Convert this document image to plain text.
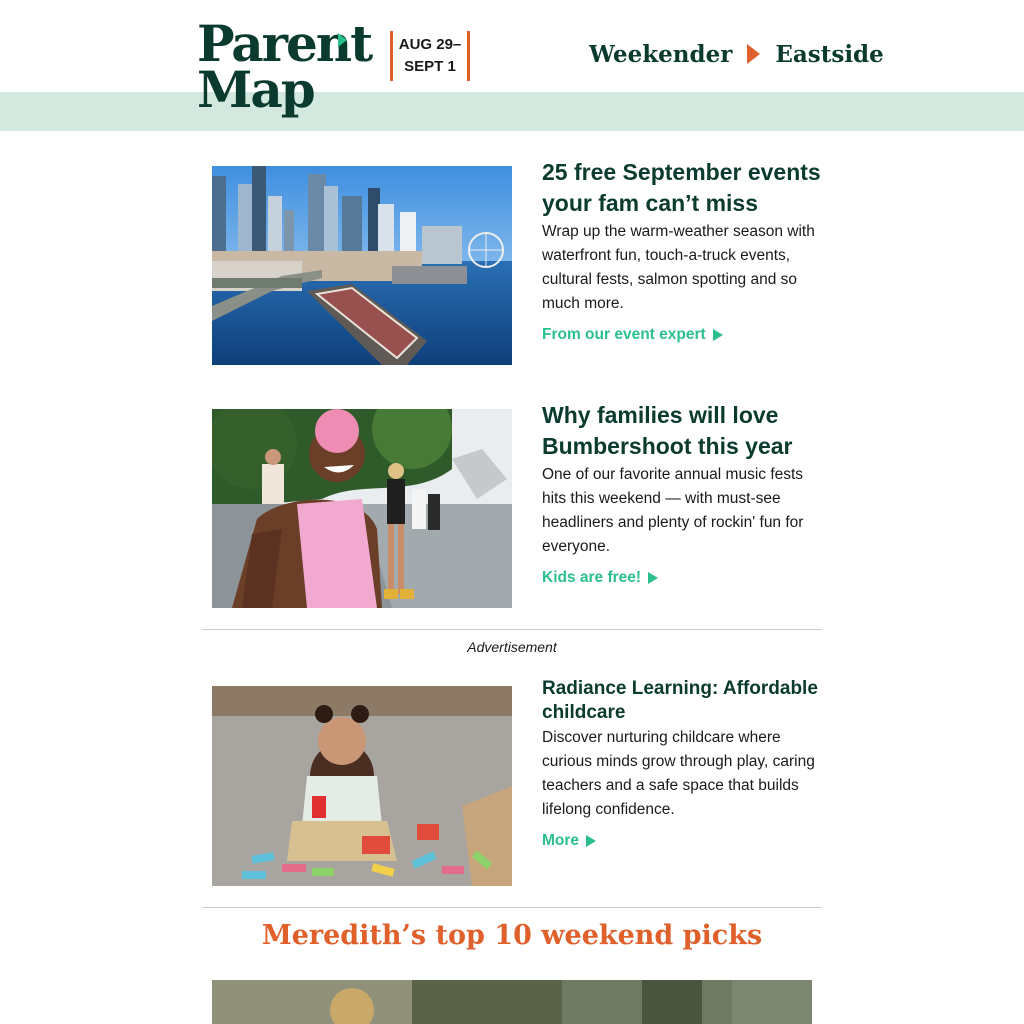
Parent
Map
AUG 29–
SEPT 1	Weekender Eastside
25 free September events your fam can’t miss
Wrap up the warm-weather season with waterfront fun, touch-a-truck events, cultural fests, salmon spotting and so much more.
From our event expert
Why families will love Bumbershoot this year
One of our favorite annual music fests hits this weekend — with must-see headliners and plenty of rockin' fun for everyone.
Kids are free!
Advertisement
Radiance Learning: Affordable childcare
Discover nurturing childcare where curious minds grow through play, caring teachers and a safe space that builds lifelong confidence.
More
Meredith’s top 10 weekend picks
